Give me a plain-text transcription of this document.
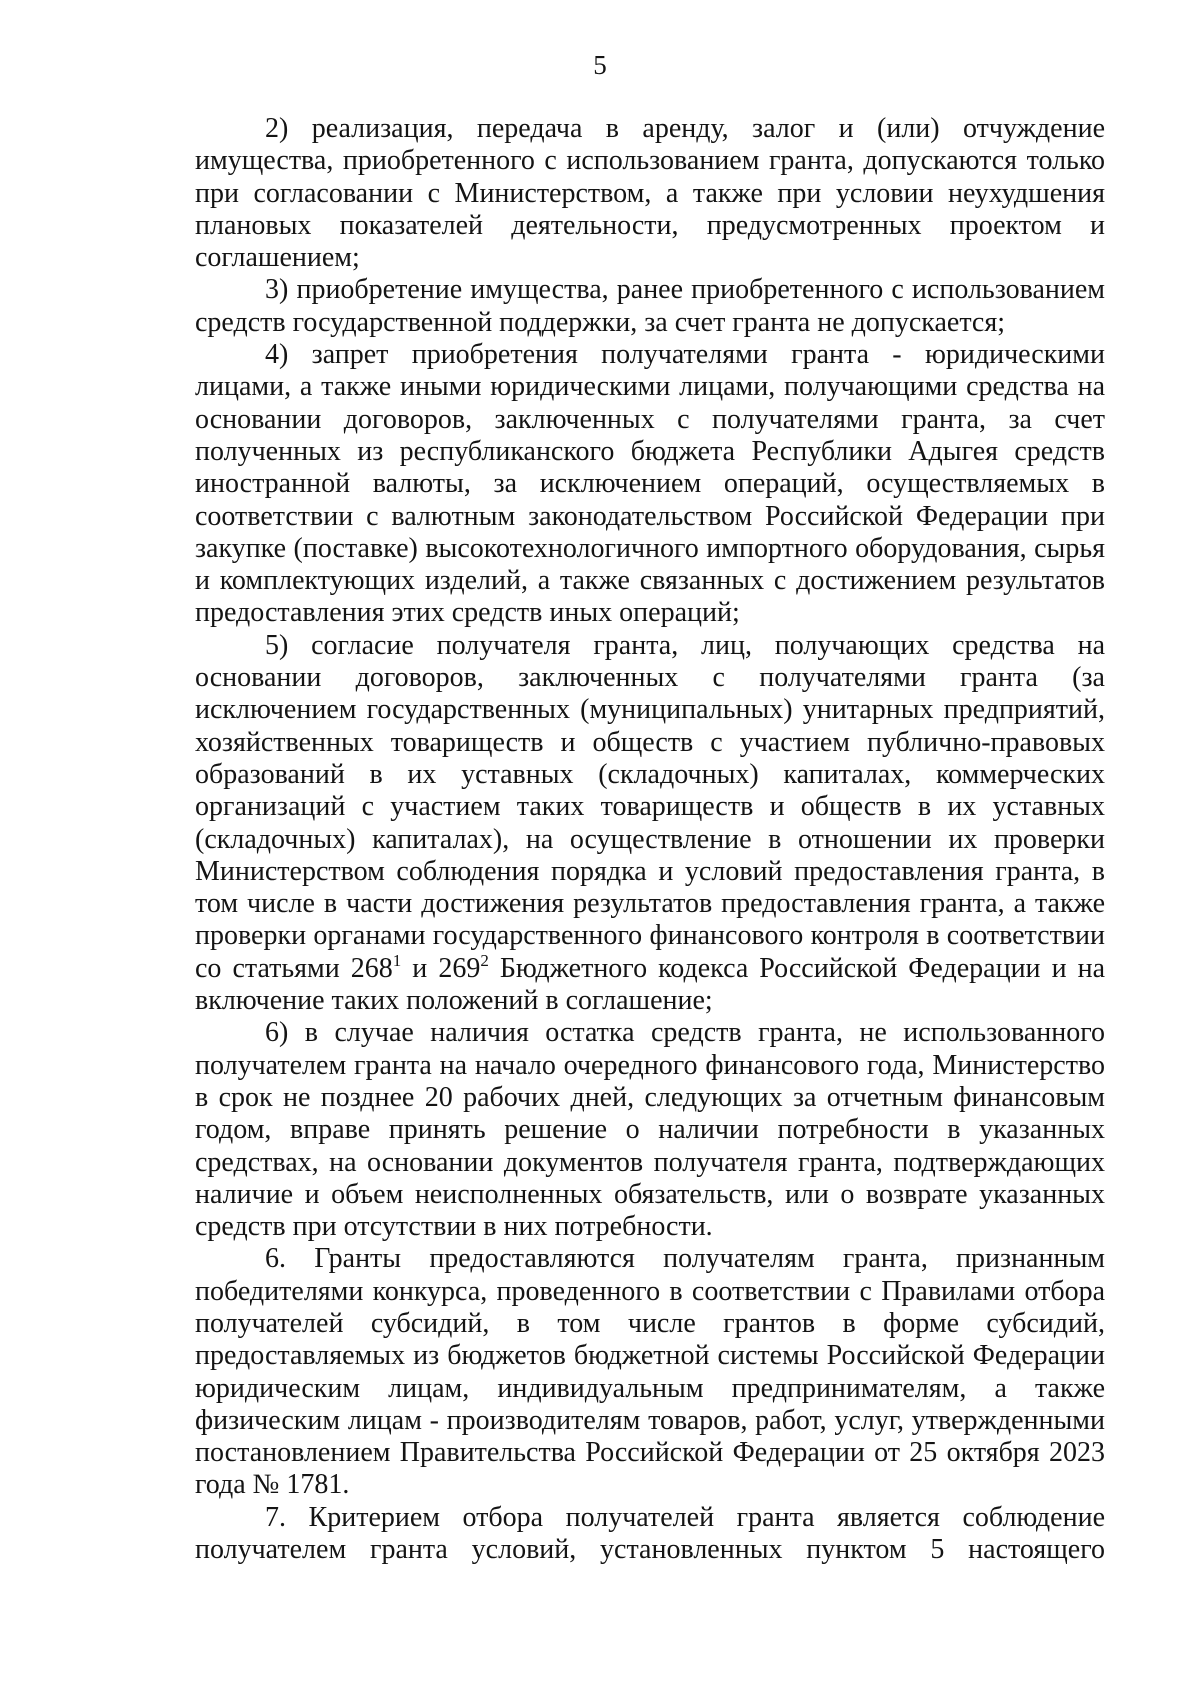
5

2) реализация, передача в аренду, залог и (или) отчуждение имущества, приобретенного с использованием гранта, допускаются только при согласовании с Министерством, а также при условии неухудшения плановых показателей деятельности, предусмотренных проектом и соглашением;

3) приобретение имущества, ранее приобретенного с использованием средств государственной поддержки, за счет гранта не допускается;

4) запрет приобретения получателями гранта - юридическими лицами, а также иными юридическими лицами, получающими средства на основании договоров, заключенных с получателями гранта, за счет полученных из республиканского бюджета Республики Адыгея средств иностранной валюты, за исключением операций, осуществляемых в соответствии с валютным законодательством Российской Федерации при закупке (поставке) высокотехнологичного импортного оборудования, сырья и комплектующих изделий, а также связанных с достижением результатов предоставления этих средств иных операций;

5) согласие получателя гранта, лиц, получающих средства на основании договоров, заключенных с получателями гранта (за исключением государственных (муниципальных) унитарных предприятий, хозяйственных товариществ и обществ с участием публично-правовых образований в их уставных (складочных) капиталах, коммерческих организаций с участием таких товариществ и обществ в их уставных (складочных) капиталах), на осуществление в отношении их проверки Министерством соблюдения порядка и условий предоставления гранта, в том числе в части достижения результатов предоставления гранта, а также проверки органами государственного финансового контроля в соответствии со статьями $268^1$ и $269^2$ Бюджетного кодекса Российской Федерации и на включение таких положений в соглашение;

6) в случае наличия остатка средств гранта, не использованного получателем гранта на начало очередного финансового года, Министерство в срок не позднее 20 рабочих дней, следующих за отчетным финансовым годом, вправе принять решение о наличии потребности в указанных средствах, на основании документов получателя гранта, подтверждающих наличие и объем неисполненных обязательств, или о возврате указанных средств при отсутствии в них потребности.

6. Гранты предоставляются получателям гранта, признанным победителями конкурса, проведенного в соответствии с Правилами отбора получателей субсидий, в том числе грантов в форме субсидий, предоставляемых из бюджетов бюджетной системы Российской Федерации юридическим лицам, индивидуальным предпринимателям, а также физическим лицам - производителям товаров, работ, услуг, утвержденными постановлением Правительства Российской Федерации от 25 октября 2023 года № 1781.

7. Критерием отбора получателей гранта является соблюдение получателем гранта условий, установленных пунктом 5 настоящего
